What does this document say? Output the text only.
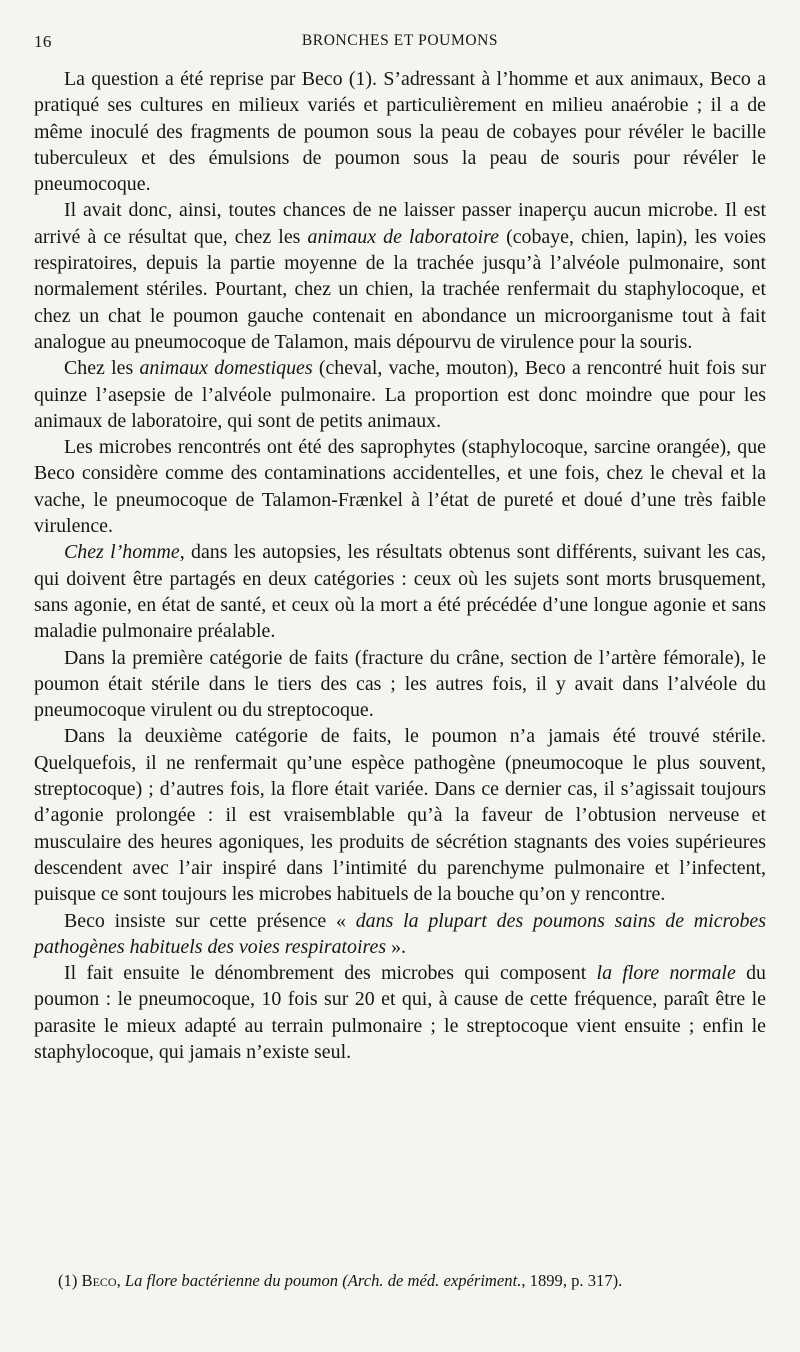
16	BRONCHES ET POUMONS

La question a été reprise par Beco (1). S’adressant à l’homme et aux animaux, Beco a pratiqué ses cultures en milieux variés et particulièrement en milieu anaérobie ; il a de même inoculé des fragments de poumon sous la peau de cobayes pour révéler le bacille tuberculeux et des émulsions de poumon sous la peau de souris pour révéler le pneumocoque.

Il avait donc, ainsi, toutes chances de ne laisser passer inaperçu aucun microbe. Il est arrivé à ce résultat que, chez les animaux de laboratoire (cobaye, chien, lapin), les voies respiratoires, depuis la partie moyenne de la trachée jusqu’à l’alvéole pulmonaire, sont normalement stériles. Pourtant, chez un chien, la trachée renfermait du staphylocoque, et chez un chat le poumon gauche contenait en abondance un microorganisme tout à fait analogue au pneumocoque de Talamon, mais dépourvu de virulence pour la souris.

Chez les animaux domestiques (cheval, vache, mouton), Beco a rencontré huit fois sur quinze l’asepsie de l’alvéole pulmonaire. La proportion est donc moindre que pour les animaux de laboratoire, qui sont de petits animaux.

Les microbes rencontrés ont été des saprophytes (staphylocoque, sarcine orangée), que Beco considère comme des contaminations accidentelles, et une fois, chez le cheval et la vache, le pneumocoque de Talamon-Frænkel à l’état de pureté et doué d’une très faible virulence.

Chez l’homme, dans les autopsies, les résultats obtenus sont différents, suivant les cas, qui doivent être partagés en deux catégories : ceux où les sujets sont morts brusquement, sans agonie, en état de santé, et ceux où la mort a été précédée d’une longue agonie et sans maladie pulmonaire préalable.

Dans la première catégorie de faits (fracture du crâne, section de l’artère fémorale), le poumon était stérile dans le tiers des cas ; les autres fois, il y avait dans l’alvéole du pneumocoque virulent ou du streptocoque.

Dans la deuxième catégorie de faits, le poumon n’a jamais été trouvé stérile. Quelquefois, il ne renfermait qu’une espèce pathogène (pneumocoque le plus souvent, streptocoque) ; d’autres fois, la flore était variée. Dans ce dernier cas, il s’agissait toujours d’agonie prolongée : il est vraisemblable qu’à la faveur de l’obtusion nerveuse et musculaire des heures agoniques, les produits de sécrétion stagnants des voies supérieures descendent avec l’air inspiré dans l’intimité du parenchyme pulmonaire et l’infectent, puisque ce sont toujours les microbes habituels de la bouche qu’on y rencontre.

Beco insiste sur cette présence « dans la plupart des poumons sains de microbes pathogènes habituels des voies respiratoires ».

Il fait ensuite le dénombrement des microbes qui composent la flore normale du poumon : le pneumocoque, 10 fois sur 20 et qui, à cause de cette fréquence, paraît être le parasite le mieux adapté au terrain pulmonaire ; le streptocoque vient ensuite ; enfin le staphylocoque, qui jamais n’existe seul.

(1) Beco, La flore bactérienne du poumon (Arch. de méd. expériment., 1899, p. 317).
